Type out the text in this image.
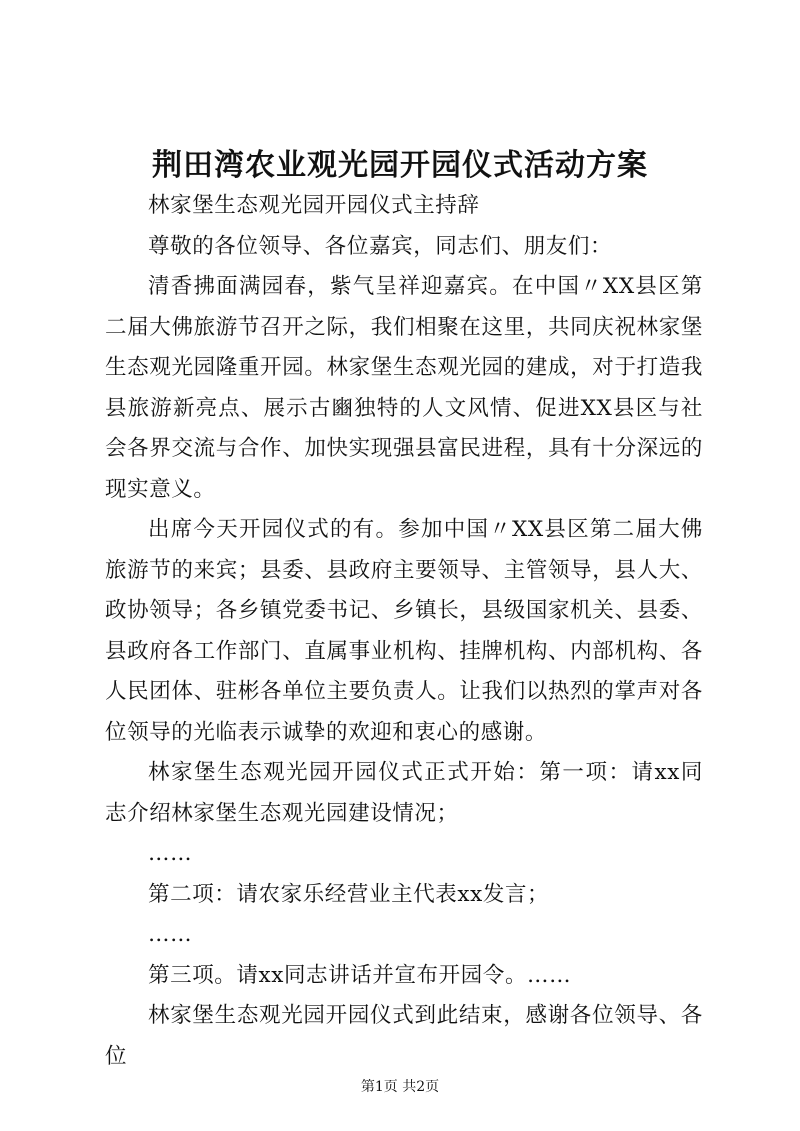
荆田湾农业观光园开园仪式活动方案

林家堡生态观光园开园仪式主持辞

尊敬的各位领导、各位嘉宾，同志们、朋友们：

清香拂面满园春，紫气呈祥迎嘉宾。在中国〃XX县区第二届大佛旅游节召开之际，我们相聚在这里，共同庆祝林家堡生态观光园隆重开园。林家堡生态观光园的建成，对于打造我县旅游新亮点、展示古豳独特的人文风情、促进XX县区与社会各界交流与合作、加快实现强县富民进程，具有十分深远的现实意义。

出席今天开园仪式的有。参加中国〃XX县区第二届大佛旅游节的来宾；县委、县政府主要领导、主管领导，县人大、政协领导；各乡镇党委书记、乡镇长，县级国家机关、县委、县政府各工作部门、直属事业机构、挂牌机构、内部机构、各人民团体、驻彬各单位主要负责人。让我们以热烈的掌声对各位领导的光临表示诚挚的欢迎和衷心的感谢。

林家堡生态观光园开园仪式正式开始：第一项：请xx同志介绍林家堡生态观光园建设情况；

……

第二项：请农家乐经营业主代表xx发言；

……

第三项。请xx同志讲话并宣布开园令。……

林家堡生态观光园开园仪式到此结束，感谢各位领导、各位

第1页 共2页
